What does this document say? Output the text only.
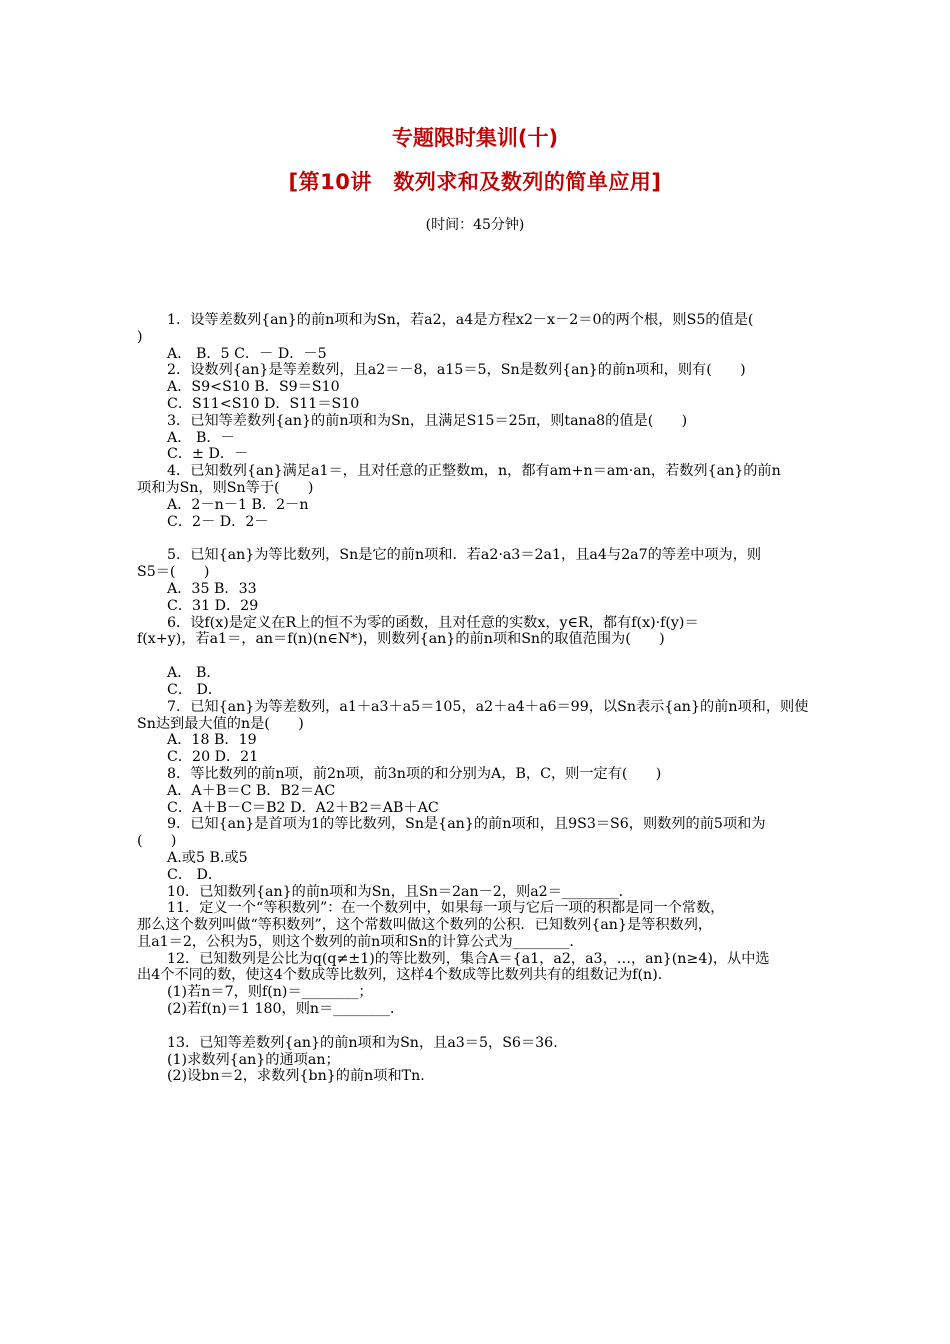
专题限时集训(十)
[第10讲　数列求和及数列的简单应用]
(时间：45分钟)
1．设等差数列{an}的前n项和为Sn，若a2，a4是方程x2－x－2＝0的两个根，则S5的值是(
)
A． B．5 C．－ D．－5
2．设数列{an}是等差数列，且a2＝－8，a15＝5，Sn是数列{an}的前n项和，则有(　　)
A．S9<S10 B．S9＝S10
C．S11<S10 D．S11＝S10
3．已知等差数列{an}的前n项和为Sn，且满足S15＝25π，则tana8的值是(　　)
A． B．－
C．± D．－
4．已知数列{an}满足a1＝，且对任意的正整数m，n，都有am+n＝am·an，若数列{an}的前n
项和为Sn，则Sn等于(　　)
A．2－n－1 B．2－n
C．2－ D．2－
5．已知{an}为等比数列，Sn是它的前n项和．若a2·a3＝2a1，且a4与2a7的等差中项为，则
S5＝(　　)
A．35 B．33
C．31 D．29
6．设f(x)是定义在R上的恒不为零的函数，且对任意的实数x，y∈R，都有f(x)·f(y)＝
f(x+y)，若a1＝，an＝f(n)(n∈N*)，则数列{an}的前n项和Sn的取值范围为(　　)
A． B．
C． D．
7．已知{an}为等差数列，a1＋a3＋a5＝105，a2＋a4＋a6＝99，以Sn表示{an}的前n项和，则使
Sn达到最大值的n是(　　)
A．18 B．19
C．20 D．21
8．等比数列的前n项，前2n项，前3n项的和分别为A，B，C，则一定有(　　)
A．A＋B＝C B．B2＝AC
C．A＋B－C＝B2 D．A2＋B2＝AB＋AC
9．已知{an}是首项为1的等比数列，Sn是{an}的前n项和，且9S3＝S6，则数列的前5项和为
(　　)
A.或5 B.或5
C． D．
10．已知数列{an}的前n项和为Sn，且Sn＝2an－2，则a2＝________．
11．定义一个“等积数列”：在一个数列中，如果每一项与它后一项的积都是同一个常数，
那么这个数列叫做“等积数列”，这个常数叫做这个数列的公积．已知数列{an}是等积数列，
且a1＝2，公积为5，则这个数列的前n项和Sn的计算公式为________．
12．已知数列是公比为q(q≠±1)的等比数列，集合A＝{a1，a2，a3，…，an}(n≥4)，从中选
出4个不同的数，使这4个数成等比数列，这样4个数成等比数列共有的组数记为f(n)．
(1)若n＝7，则f(n)＝________；
(2)若f(n)＝1 180，则n＝________．
13．已知等差数列{an}的前n项和为Sn，且a3＝5，S6＝36.
(1)求数列{an}的通项an；
(2)设bn＝2，求数列{bn}的前n项和Tn.
